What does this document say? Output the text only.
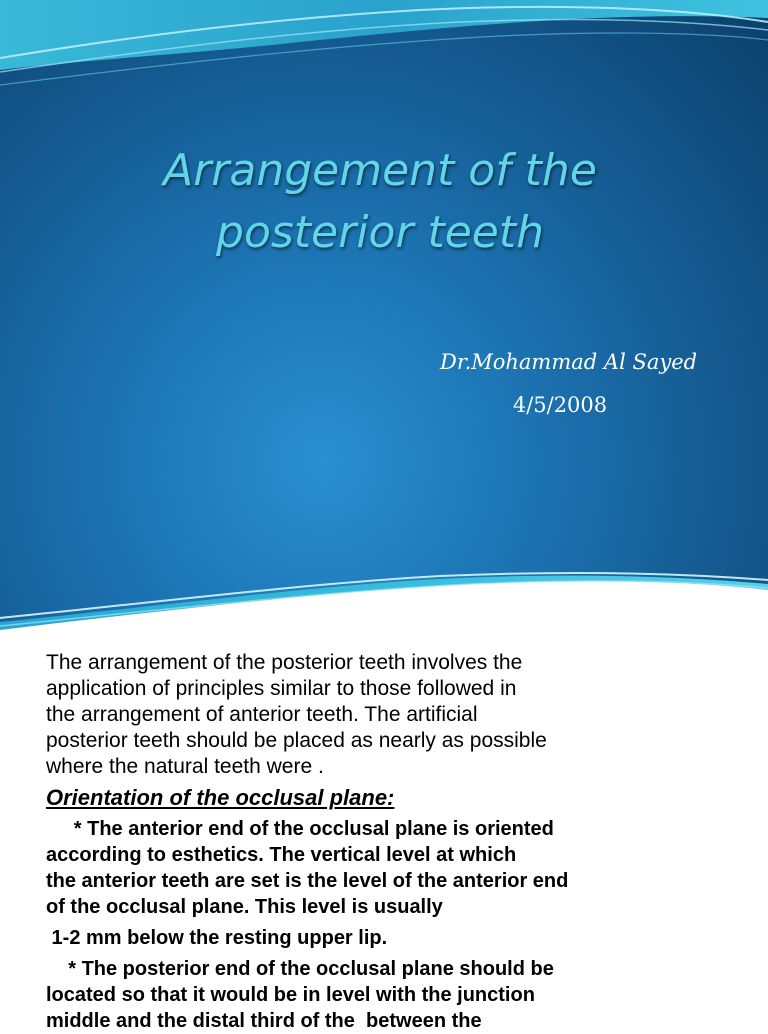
Arrangement of the
posterior teeth
Dr.Mohammad Al Sayed
4/5/2008

The arrangement of the posterior teeth involves the
application of principles similar to those followed in
the arrangement of anterior teeth. The artificial
posterior teeth should be placed as nearly as possible
where the natural teeth were .

Orientation of the occlusal plane:

* The anterior end of the occlusal plane is oriented

according to esthetics. The vertical level at which

the anterior teeth are set is the level of the anterior end

of the occlusal plane. This level is usually

1-2 mm below the resting upper lip.

* The posterior end of the occlusal plane should be

located so that it would be in level with the junction

middle and the distal third of the  between the
